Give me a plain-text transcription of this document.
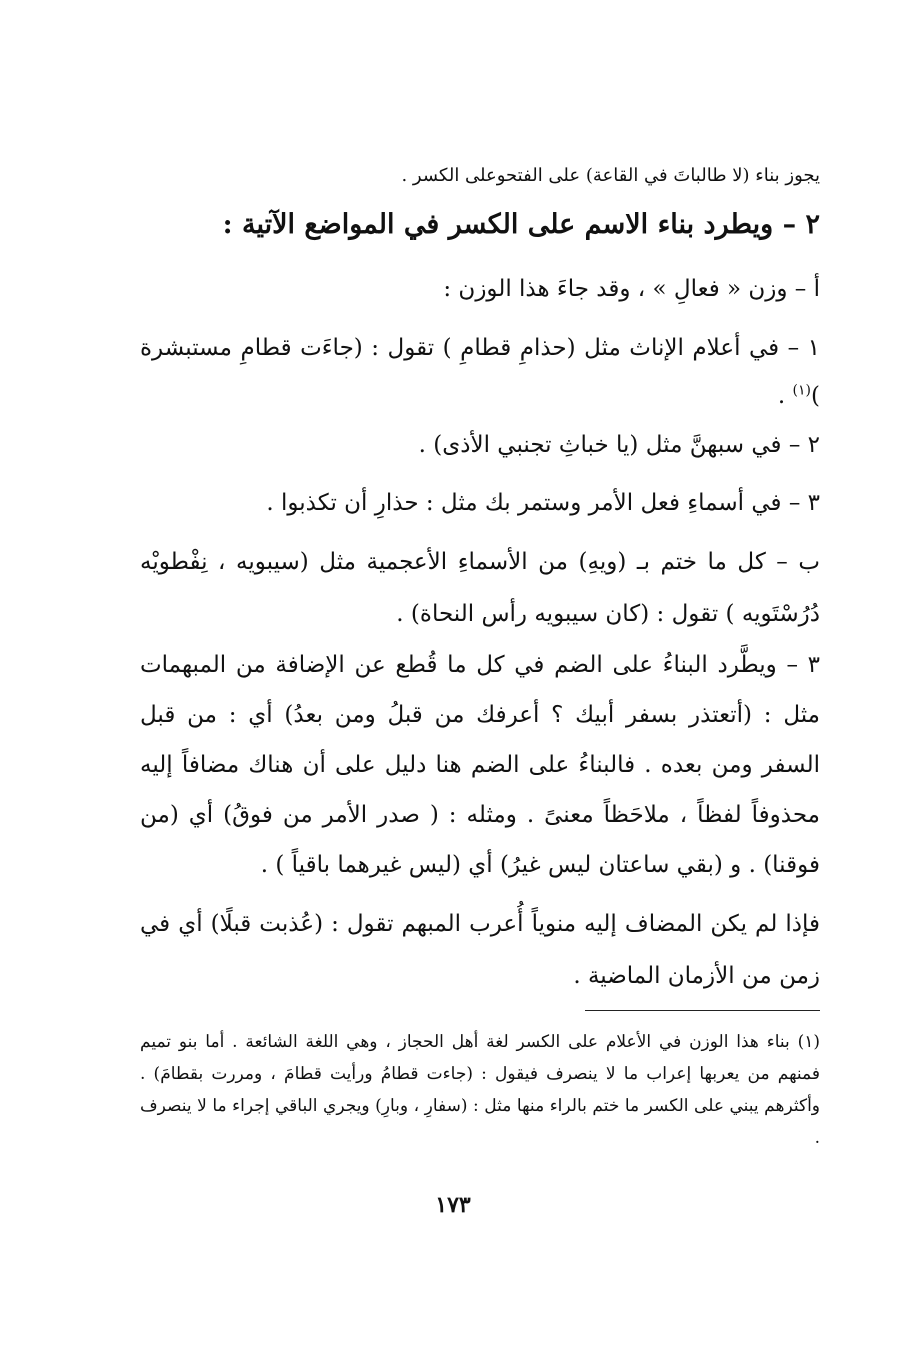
يجوز بناء (لا طالباتَ في القاعة) على الفتحوعلى الكسر .
٢ – ويطرد بناء الاسم على الكسر في المواضع الآتية :
أ – وزن « فعالِ » ، وقد جاءَ هذا الوزن :
١ – في أعلام الإناث مثل (حذامِ قطامِ ) تقول : (جاءَت قطامِ مستبشرة )$^{(١)}$ .
٢ – في سبهنَّ مثل (يا خباثِ تجنبي الأذى) .
٣ – في أسماءِ فعل الأمر وستمر بك مثل : حذارِ أن تكذبوا .
ب – كل ما ختم بـ (ويهِ) من الأسماءِ الأعجمية مثل (سيبويه ، نِفْطويْه دُرُسْتَويه ) تقول : (كان سيبويه رأس النحاة) .
٣ – ويطَّرد البناءُ على الضم في كل ما قُطع عن الإضافة من المبهمات مثل : (أتعتذر بسفر أبيك ؟ أعرفك من قبلُ ومن بعدُ) أي : من قبل السفر ومن بعده . فالبناءُ على الضم هنا دليل على أن هناك مضافاً إليه محذوفاً لفظاً ، ملاحَظاً معنىً . ومثله : ( صدر الأمر من فوقُ) أي (من فوقنا) . و (بقي ساعتان ليس غيرُ) أي (ليس غيرهما باقياً ) .
فإذا لم يكن المضاف إليه منوياً أُعرب المبهم تقول : (عُذبت قبلًا) أي في زمن من الأزمان الماضية .
(١) بناء هذا الوزن في الأعلام على الكسر لغة أهل الحجاز ، وهي اللغة الشائعة . أما بنو تميم فمنهم من يعربها إعراب ما لا ينصرف فيقول : (جاءت قطامُ ورأيت قطامَ ، ومررت بقطامَ) . وأكثرهم يبني على الكسر ما ختم بالراء منها مثل : (سفارِ ، وبارِ) ويجري الباقي إجراء ما لا ينصرف .
١٧٣
